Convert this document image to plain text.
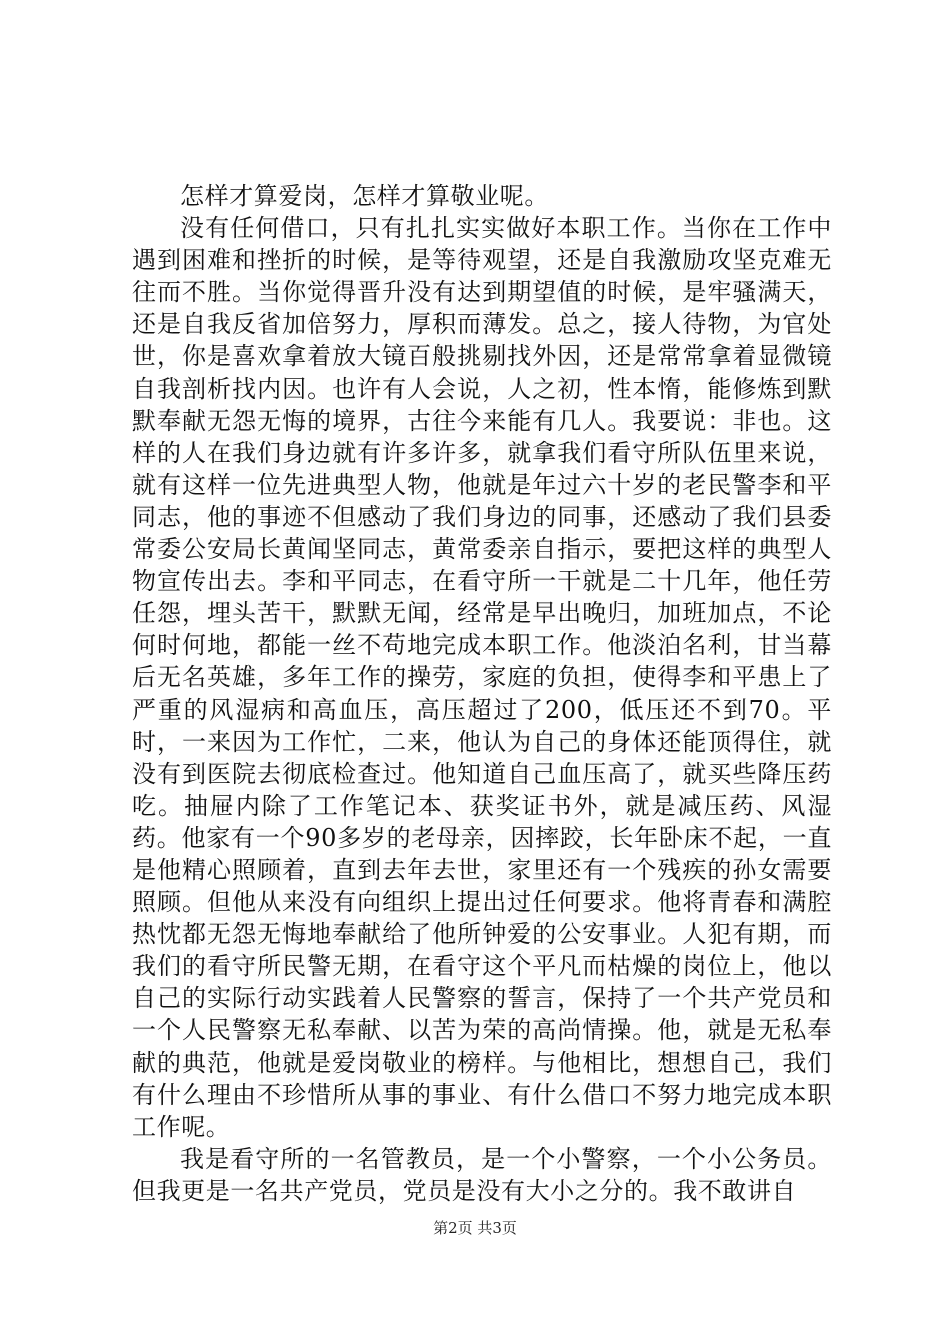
怎样才算爱岗，怎样才算敬业呢。

没有任何借口，只有扎扎实实做好本职工作。当你在工作中遇到困难和挫折的时候，是等待观望，还是自我激励攻坚克难无往而不胜。当你觉得晋升没有达到期望值的时候，是牢骚满天，还是自我反省加倍努力，厚积而薄发。总之，接人待物，为官处世，你是喜欢拿着放大镜百般挑剔找外因，还是常常拿着显微镜自我剖析找内因。也许有人会说，人之初，性本惰，能修炼到默默奉献无怨无悔的境界，古往今来能有几人。我要说：非也。这样的人在我们身边就有许多许多，就拿我们看守所队伍里来说，就有这样一位先进典型人物，他就是年过六十岁的老民警李和平同志，他的事迹不但感动了我们身边的同事，还感动了我们县委常委公安局长黄闻坚同志，黄常委亲自指示，要把这样的典型人物宣传出去。李和平同志，在看守所一干就是二十几年，他任劳任怨，埋头苦干，默默无闻，经常是早出晚归，加班加点，不论何时何地，都能一丝不苟地完成本职工作。他淡泊名利，甘当幕后无名英雄，多年工作的操劳，家庭的负担，使得李和平患上了严重的风湿病和高血压，高压超过了200，低压还不到70。平时，一来因为工作忙，二来，他认为自己的身体还能顶得住，就没有到医院去彻底检查过。他知道自己血压高了，就买些降压药吃。抽屉内除了工作笔记本、获奖证书外，就是减压药、风湿药。他家有一个90多岁的老母亲，因摔跤，长年卧床不起，一直是他精心照顾着，直到去年去世，家里还有一个残疾的孙女需要照顾。但他从来没有向组织上提出过任何要求。他将青春和满腔热忱都无怨无悔地奉献给了他所钟爱的公安事业。人犯有期，而我们的看守所民警无期，在看守这个平凡而枯燥的岗位上，他以自己的实际行动实践着人民警察的誓言，保持了一个共产党员和一个人民警察无私奉献、以苦为荣的高尚情操。他，就是无私奉献的典范，他就是爱岗敬业的榜样。与他相比，想想自己，我们有什么理由不珍惜所从事的事业、有什么借口不努力地完成本职工作呢。

我是看守所的一名管教员，是一个小警察，一个小公务员。但我更是一名共产党员，党员是没有大小之分的。我不敢讲自

第2页 共3页
